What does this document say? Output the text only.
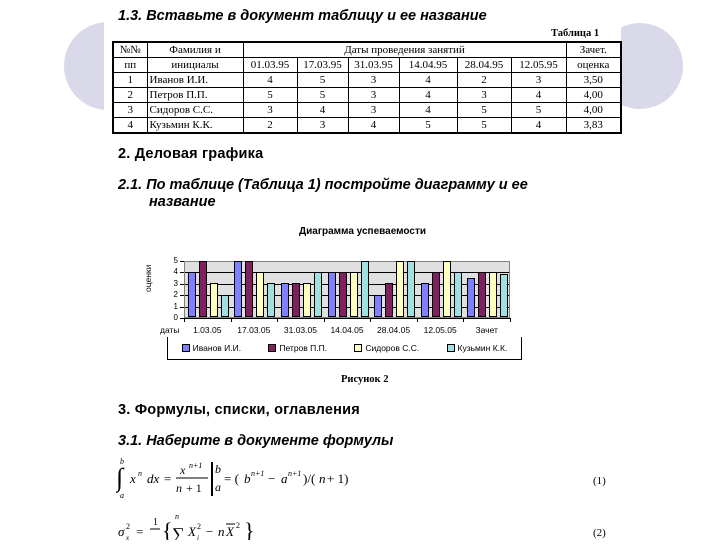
1.3. Вставьте в документ таблицу и ее название
Таблица 1
№№	Фамилия и	Даты проведения занятий						Зачет.
пп	инициалы	01.03.95	17.03.95	31.03.95	14.04.95	28.04.95	12.05.95	оценка
1	Иванов И.И.	4	5	3	4	2	3	3,50
2	Петров П.П.	5	5	3	4	3	4	4,00
3	Сидоров С.С.	3	4	3	4	5	5	4,00
4	Кузьмин К.К.	2	3	4	5	5	4	3,83
2. Деловая графика
2.1. По таблице (Таблица 1) постройте диаграмму и ее
название
Диаграмма успеваемости
оценки
0
1
2
3
4
5
1.03.05	17.03.05	31.03.05	14.04.05	28.04.05	12.05.05	Зачет
даты
Иванов И.И.	Петров П.П.	Сидоров С.С.	Кузьмин К.К.
Рисунок 2
3. Формулы, списки, оглавления
3.1. Наберите в документе формулы
b
∫
a
x n dx =
x n+1
n + 1
b
a
= ( b n+1 − a n+1 )/( n + 1)	(1)
σ 2
x =
1 {
n
∑ X 2
i − n X 2 }	(2)
